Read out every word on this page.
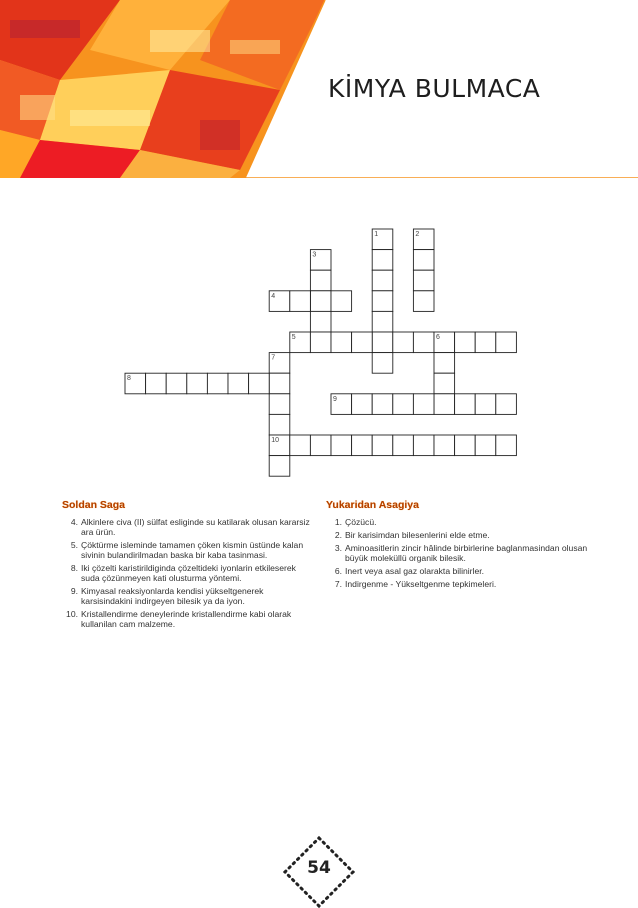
KİMYA BULMACA
1	2
3
4
5	6
7
8
9
10
Soldan Saga
4. Alkinlere civa (II) sülfat esliginde su katilarak olusan kararsiz ara ürün.
5. Çöktürme isleminde tamamen çöken kismin üstünde kalan sivinin bulandirilmadan baska bir kaba tasinmasi.
8. Iki çözelti karistirildiginda çözeltideki iyonlarin etkileserek suda çözünmeyen kati olusturma yöntemi.
9. Kimyasal reaksiyonlarda kendisi yükseltgenerek karsisindakini indirgeyen bilesik ya da iyon.
10. Kristallendirme deneylerinde kristallendirme kabi olarak kullanilan cam malzeme.
Yukaridan Asagiya
1. Çözücü.
2. Bir karisimdan bilesenlerini elde etme.
3. Aminoasitlerin zincir hâlinde birbirlerine baglanmasindan olusan büyük moleküllü organik bilesik.
6. Inert veya asal gaz olarakta bilinirler.
7. Indirgenme - Yükseltgenme tepkimeleri.
54
